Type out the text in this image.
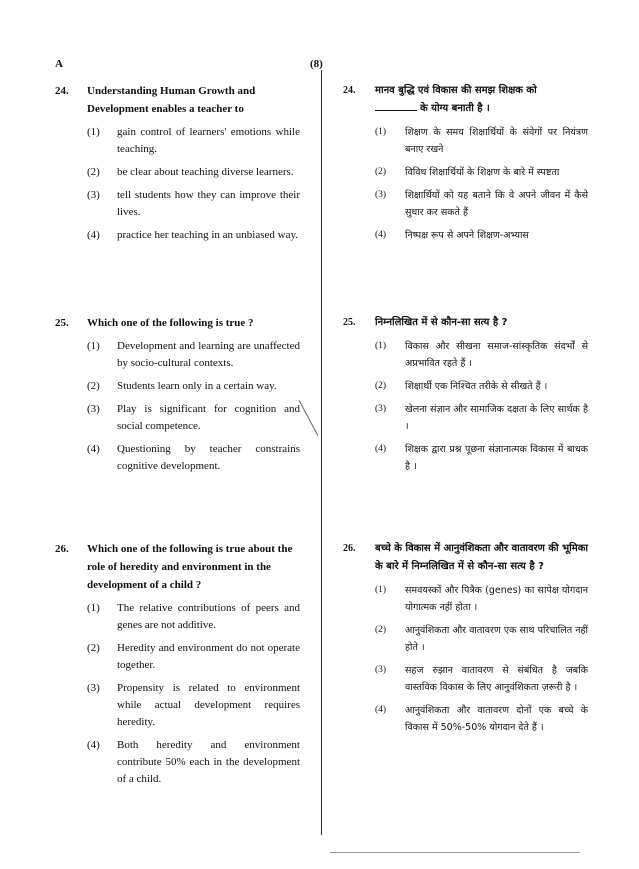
A	(8)
24.	Understanding Human Growth and Development enables a teacher to
(1)	gain control of learners' emotions while teaching.
(2)	be clear about teaching diverse learners.
(3)	tell students how they can improve their lives.
(4)	practice her teaching in an unbiased way.
25.	Which one of the following is true ?
(1)	Development and learning are unaffected by socio-cultural contexts.
(2)	Students learn only in a certain way.
(3)	Play is significant for cognition and social competence.
(4)	Questioning by teacher constrains cognitive development.
26.	Which one of the following is true about the role of heredity and environment in the development of a child ?
(1)	The relative contributions of peers and genes are not additive.
(2)	Heredity and environment do not operate together.
(3)	Propensity is related to environment while actual development requires heredity.
(4)	Both heredity and environment contribute 50% each in the development of a child.
24.	मानव बुद्धि एवं विकास की समझ शिक्षक को
के योग्य बनाती है ।
(1)	शिक्षण के समय शिक्षार्थियों के संवेगों पर नियंत्रण बनाए रखने
(2)	विविध शिक्षार्थियों के शिक्षण के बारे में स्पष्टता
(3)	शिक्षार्थियों को यह बताने कि वे अपने जीवन में कैसे सुधार कर सकते हैं
(4)	निष्पक्ष रूप से अपने शिक्षण-अभ्यास
25.	निम्नलिखित में से कौन-सा सत्य है ?
(1)	विकास और सीखना समाज-सांस्कृतिक संदर्भों से अप्रभावित रहते हैं ।
(2)	शिक्षार्थी एक निश्चित तरीके से सीखते हैं ।
(3)	खेलना संज्ञान और सामाजिक दक्षता के लिए सार्थक है ।
(4)	शिक्षक द्वारा प्रश्न पूछना संज्ञानात्मक विकास में बाधक है ।
26.	बच्चे के विकास में आनुवंशिकता और वातावरण की भूमिका के बारे में निम्नलिखित में से कौन-सा सत्य है ?
(1)	समवयस्कों और पित्रैक (genes) का सापेक्ष योगदान योगात्मक नहीं होता ।
(2)	आनुवंशिकता और वातावरण एक साथ परिचालित नहीं होते ।
(3)	सहज रुझान वातावरण से संबंधित है जबकि वास्तविक विकास के लिए आनुवंशिकता ज़रूरी है ।
(4)	आनुवंशिकता और वातावरण दोनों एक बच्चे के विकास में 50%-50% योगदान देते हैं ।
